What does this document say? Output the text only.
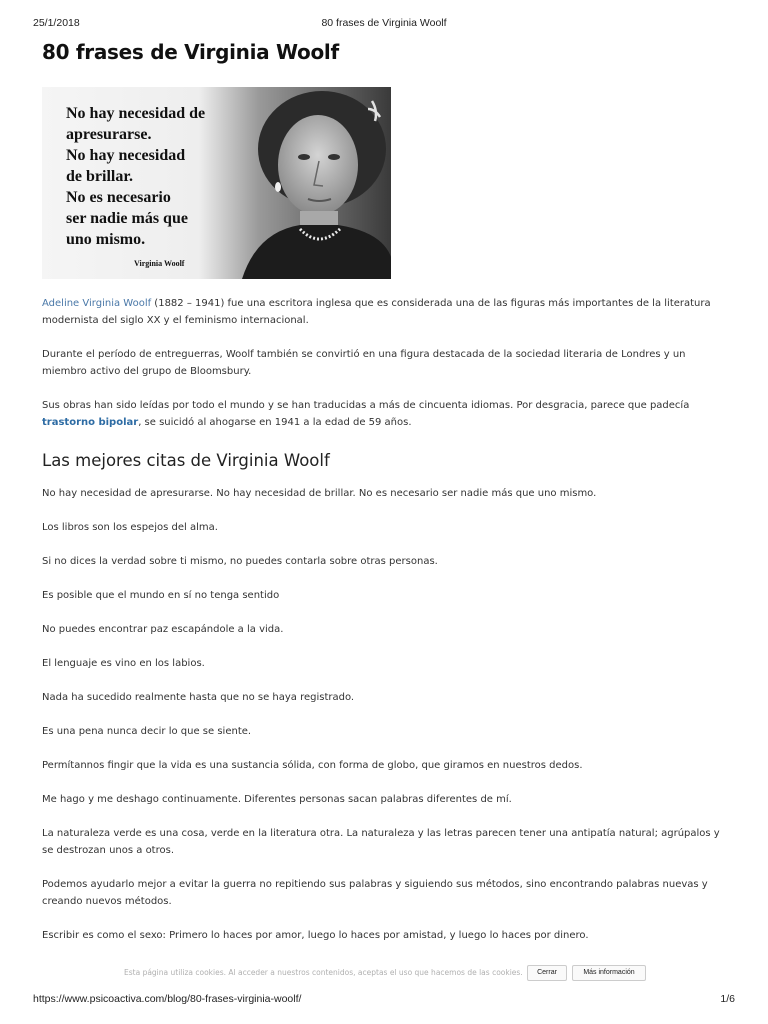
25/1/2018	80 frases de Virginia Woolf
80 frases de Virginia Woolf
No hay necesidad de
apresurarse.
No hay necesidad
de brillar.
No es necesario
ser nadie más que
uno mismo.
Virginia Woolf

Adeline Virginia Woolf (1882 – 1941) fue una escritora inglesa que es considerada una de las figuras más importantes de la literatura modernista del siglo XX y el feminismo internacional.

Durante el período de entreguerras, Woolf también se convirtió en una figura destacada de la sociedad literaria de Londres y un miembro activo del grupo de Bloomsbury.

Sus obras han sido leídas por todo el mundo y se han traducidas a más de cincuenta idiomas. Por desgracia, parece que padecía trastorno bipolar, se suicidó al ahogarse en 1941 a la edad de 59 años.

Las mejores citas de Virginia Woolf

No hay necesidad de apresurarse. No hay necesidad de brillar. No es necesario ser nadie más que uno mismo.

Los libros son los espejos del alma.

Si no dices la verdad sobre ti mismo, no puedes contarla sobre otras personas.

Es posible que el mundo en sí no tenga sentido

No puedes encontrar paz escapándole a la vida.

El lenguaje es vino en los labios.

Nada ha sucedido realmente hasta que no se haya registrado.

Es una pena nunca decir lo que se siente.

Permítannos fingir que la vida es una sustancia sólida, con forma de globo, que giramos en nuestros dedos.

Me hago y me deshago continuamente. Diferentes personas sacan palabras diferentes de mí.

La naturaleza verde es una cosa, verde en la literatura otra. La naturaleza y las letras parecen tener una antipatía natural; agrúpalos y se destrozan unos a otros.

Podemos ayudarlo mejor a evitar la guerra no repitiendo sus palabras y siguiendo sus métodos, sino encontrando palabras nuevas y creando nuevos métodos.

Escribir es como el sexo: Primero lo haces por amor, luego lo haces por amistad, y luego lo haces por dinero.

Esta página utiliza cookies. Al acceder a nuestros contenidos, aceptas el uso que hacemos de las cookies.	Cerrar	Más información
https://www.psicoactiva.com/blog/80-frases-virginia-woolf/	1/6
